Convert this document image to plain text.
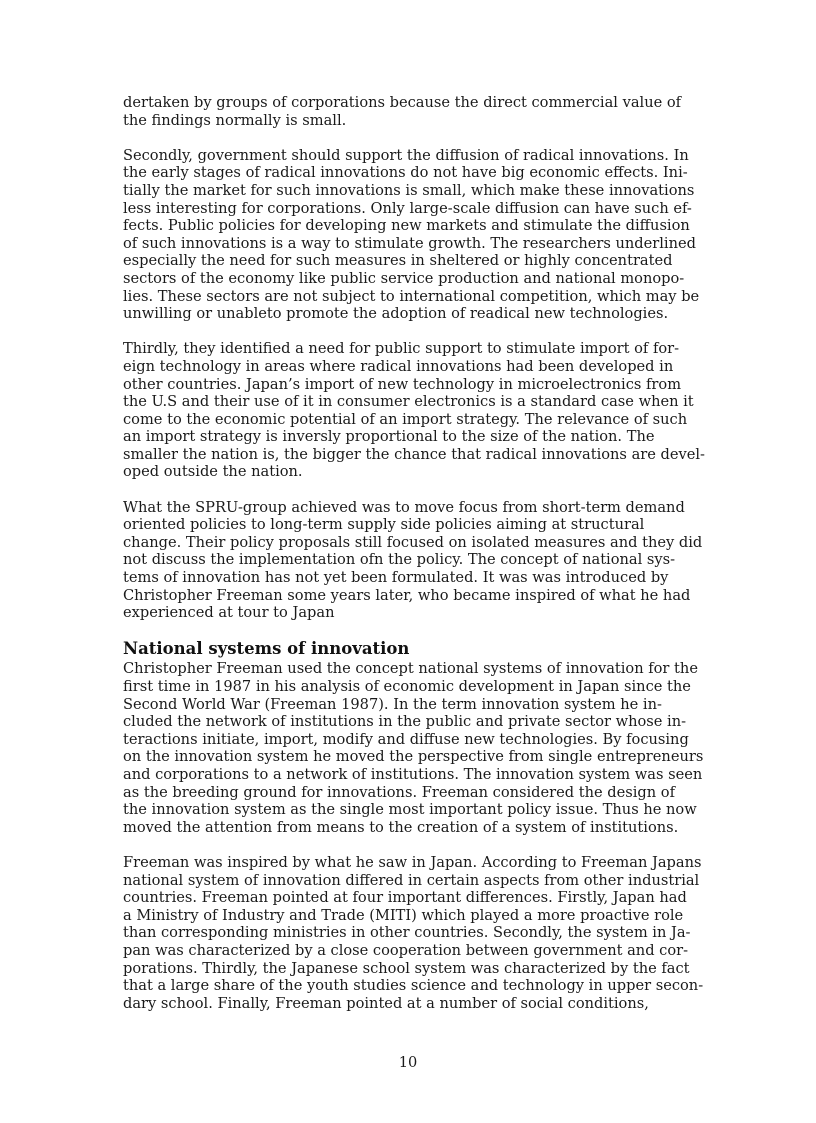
dertaken by groups of corporations because the direct commercial value of
the findings normally is small.

Secondly, government should support the diffusion of radical innovations. In
the early stages of radical innovations do not have big economic effects. Ini-
tially the market for such innovations is small, which make these innovations
less interesting for corporations. Only large-scale diffusion can have such ef-
fects. Public policies for developing new markets and stimulate the diffusion
of such innovations is a way to stimulate growth. The researchers underlined
especially the need for such measures in sheltered or highly concentrated
sectors of the economy like public service production and national monopo-
lies. These sectors are not subject to international competition, which may be
unwilling or unableto promote the adoption of readical new technologies.

Thirdly, they identified a need for public support to stimulate import of for-
eign technology in areas where radical innovations had been developed in
other countries. Japan’s import of new technology in microelectronics from
the U.S and their use of it in consumer electronics is a standard case when it
come to the economic potential of an import strategy. The relevance of such
an import strategy is inversly proportional to the size of the nation. The
smaller the nation is, the bigger the chance that radical innovations are devel-
oped outside the nation.

What the SPRU-group achieved was to move focus from short-term demand
oriented policies to long-term supply side policies aiming at structural
change. Their policy proposals still focused on isolated measures and they did
not discuss the implementation ofn the policy. The concept of national sys-
tems of innovation has not yet been formulated. It was was introduced by
Christopher Freeman some years later, who became inspired of what he had
experienced at tour to Japan

National systems of innovation

Christopher Freeman used the concept national systems of innovation for the
first time in 1987 in his analysis of economic development in Japan since the
Second World War (Freeman 1987). In the term innovation system he in-
cluded the network of institutions in the public and private sector whose in-
teractions initiate, import, modify and diffuse new technologies. By focusing
on the innovation system he moved the perspective from single entrepreneurs
and corporations to a network of institutions. The innovation system was seen
as the breeding ground for innovations. Freeman considered the design of
the innovation system as the single most important policy issue. Thus he now
moved the attention from means to the creation of a system of institutions.

Freeman was inspired by what he saw in Japan. According to Freeman Japans
national system of innovation differed in certain aspects from other industrial
countries. Freeman pointed at four important differences. Firstly, Japan had
a Ministry of Industry and Trade (MITI) which played a more proactive role
than corresponding ministries in other countries. Secondly, the system in Ja-
pan was characterized by a close cooperation between government and cor-
porations. Thirdly, the Japanese school system was characterized by the fact
that a large share of the youth studies science and technology in upper secon-
dary school. Finally, Freeman pointed at a number of social conditions,

10
